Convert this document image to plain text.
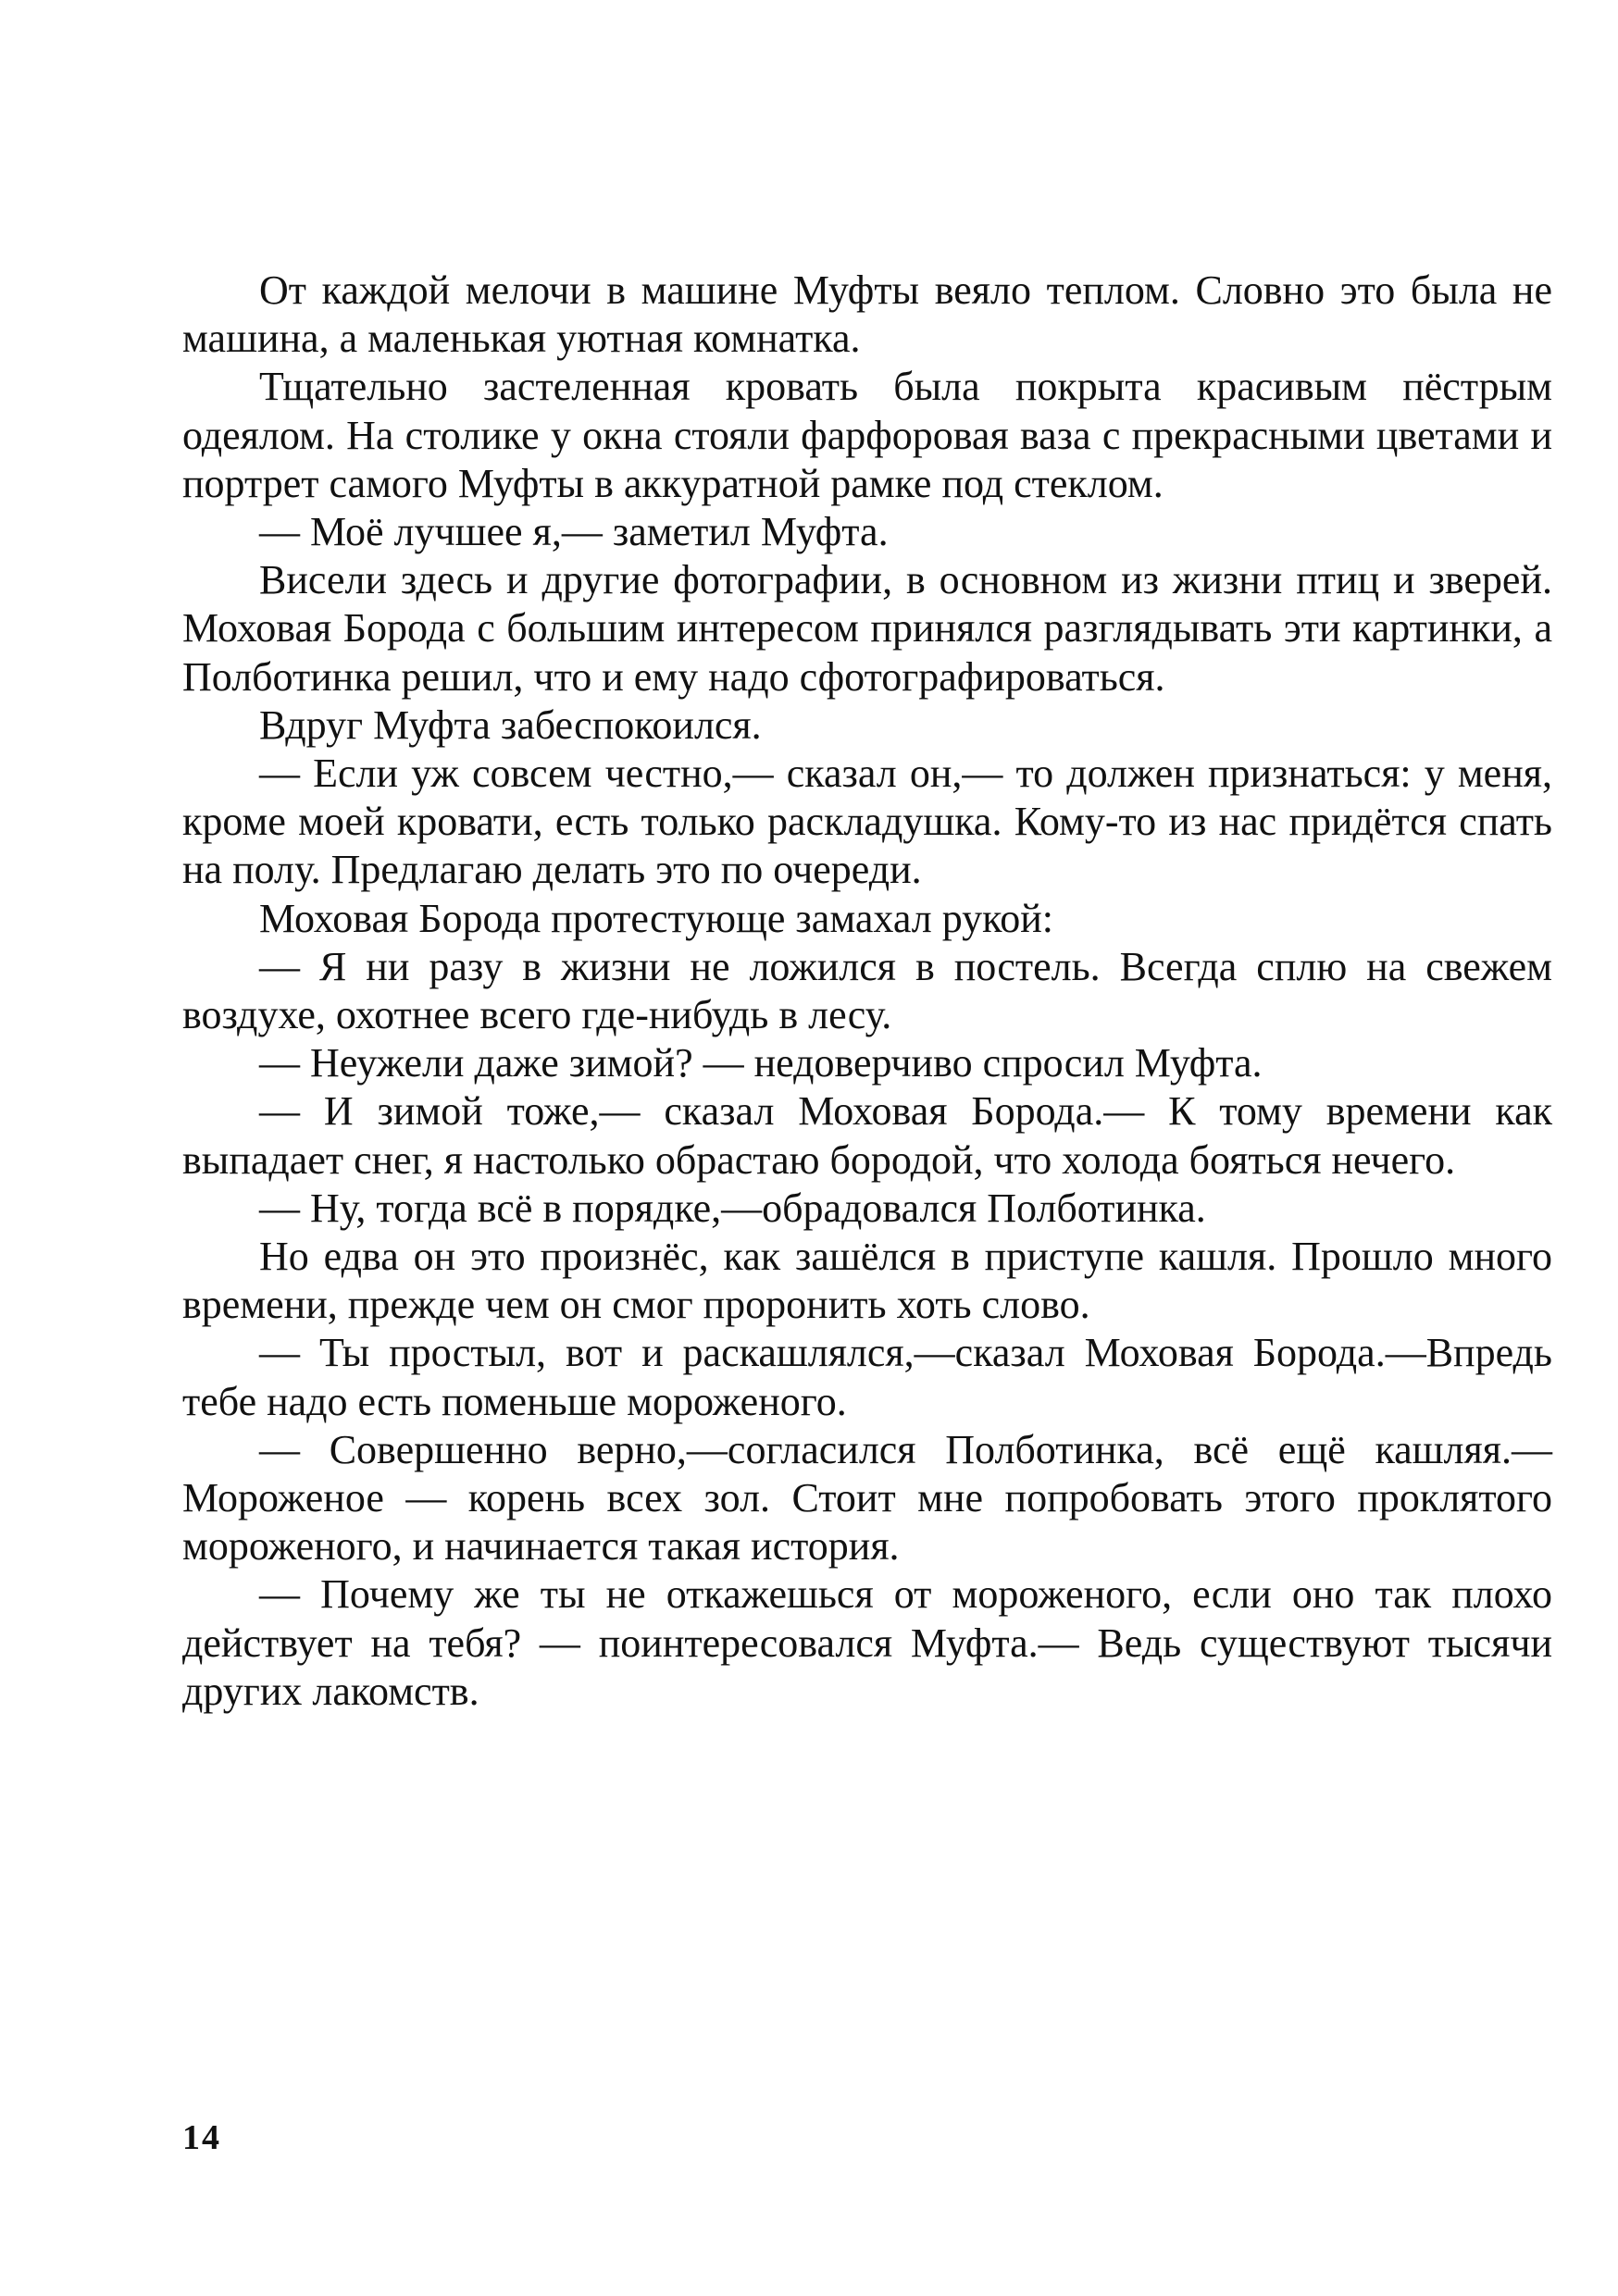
От каждой мелочи в машине Муфты веяло теплом. Словно это была не машина, а маленькая уютная комнатка.

Тщательно застеленная кровать была покрыта красивым пёстрым одеялом. На столике у окна стояли фарфоровая ваза с прекрасными цветами и портрет самого Муфты в аккуратной рамке под стеклом.

— Моё лучшее я,— заметил Муфта.

Висели здесь и другие фотографии, в основном из жизни птиц и зверей. Моховая Борода с большим интересом принялся разглядывать эти картинки, а Полботинка решил, что и ему надо сфотографироваться.

Вдруг Муфта забеспокоился.

— Если уж совсем честно,— сказал он,— то должен признаться: у меня, кроме моей кровати, есть только раскладушка. Кому-то из нас придётся спать на полу. Предлагаю делать это по очереди.

Моховая Борода протестующе замахал рукой:

— Я ни разу в жизни не ложился в постель. Всегда сплю на свежем воздухе, охотнее всего где-нибудь в лесу.

— Неужели даже зимой? — недоверчиво спросил Муфта.

— И зимой тоже,— сказал Моховая Борода.— К тому времени как выпадает снег, я настолько обрастаю бородой, что холода бояться нечего.

— Ну, тогда всё в порядке,—обрадовался Полботинка.

Но едва он это произнёс, как зашёлся в приступе кашля. Прошло много времени, прежде чем он смог проронить хоть слово.

— Ты простыл, вот и раскашлялся,—сказал Моховая Борода.—Впредь тебе надо есть поменьше мороженого.

— Совершенно верно,—согласился Полботинка, всё ещё кашляя.—Мороженое — корень всех зол. Стоит мне попробовать этого проклятого мороженого, и начинается такая история.

— Почему же ты не откажешься от мороженого, если оно так плохо действует на тебя? — поинтересовался Муфта.— Ведь существуют тысячи других лакомств.

14
